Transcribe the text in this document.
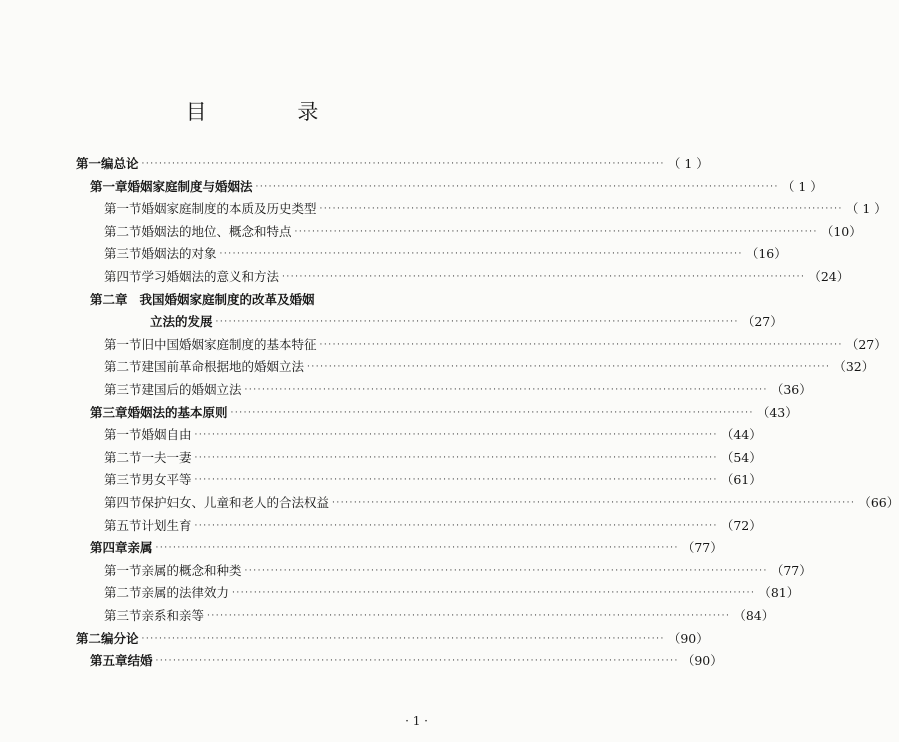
目 录
第一编 总论 ························································································································ （ 1 ）
第一章 婚姻家庭制度与婚姻法 ························································································································ （ 1 ）
第一节 婚姻家庭制度的本质及历史类型 ························································································································ （ 1 ）
第二节 婚姻法的地位、概念和特点 ························································································································ （10）
第三节 婚姻法的对象 ························································································································ （16）
第四节 学习婚姻法的意义和方法 ························································································································ （24）
第二章 我国婚姻家庭制度的改革及婚姻
立法的发展 ························································································································ （27）
第一节 旧中国婚姻家庭制度的基本特征 ························································································································ （27）
第二节 建国前革命根据地的婚姻立法 ························································································································ （32）
第三节 建国后的婚姻立法 ························································································································ （36）
第三章 婚姻法的基本原则 ························································································································ （43）
第一节 婚姻自由 ························································································································ （44）
第二节 一夫一妻 ························································································································ （54）
第三节 男女平等 ························································································································ （61）
第四节 保护妇女、儿童和老人的合法权益 ························································································································ （66）
第五节 计划生育 ························································································································ （72）
第四章 亲属 ························································································································ （77）
第一节 亲属的概念和种类 ························································································································ （77）
第二节 亲属的法律效力 ························································································································ （81）
第三节 亲系和亲等 ························································································································ （84）
第二编 分论 ························································································································ （90）
第五章 结婚 ························································································································ （90）
· 1 ·
